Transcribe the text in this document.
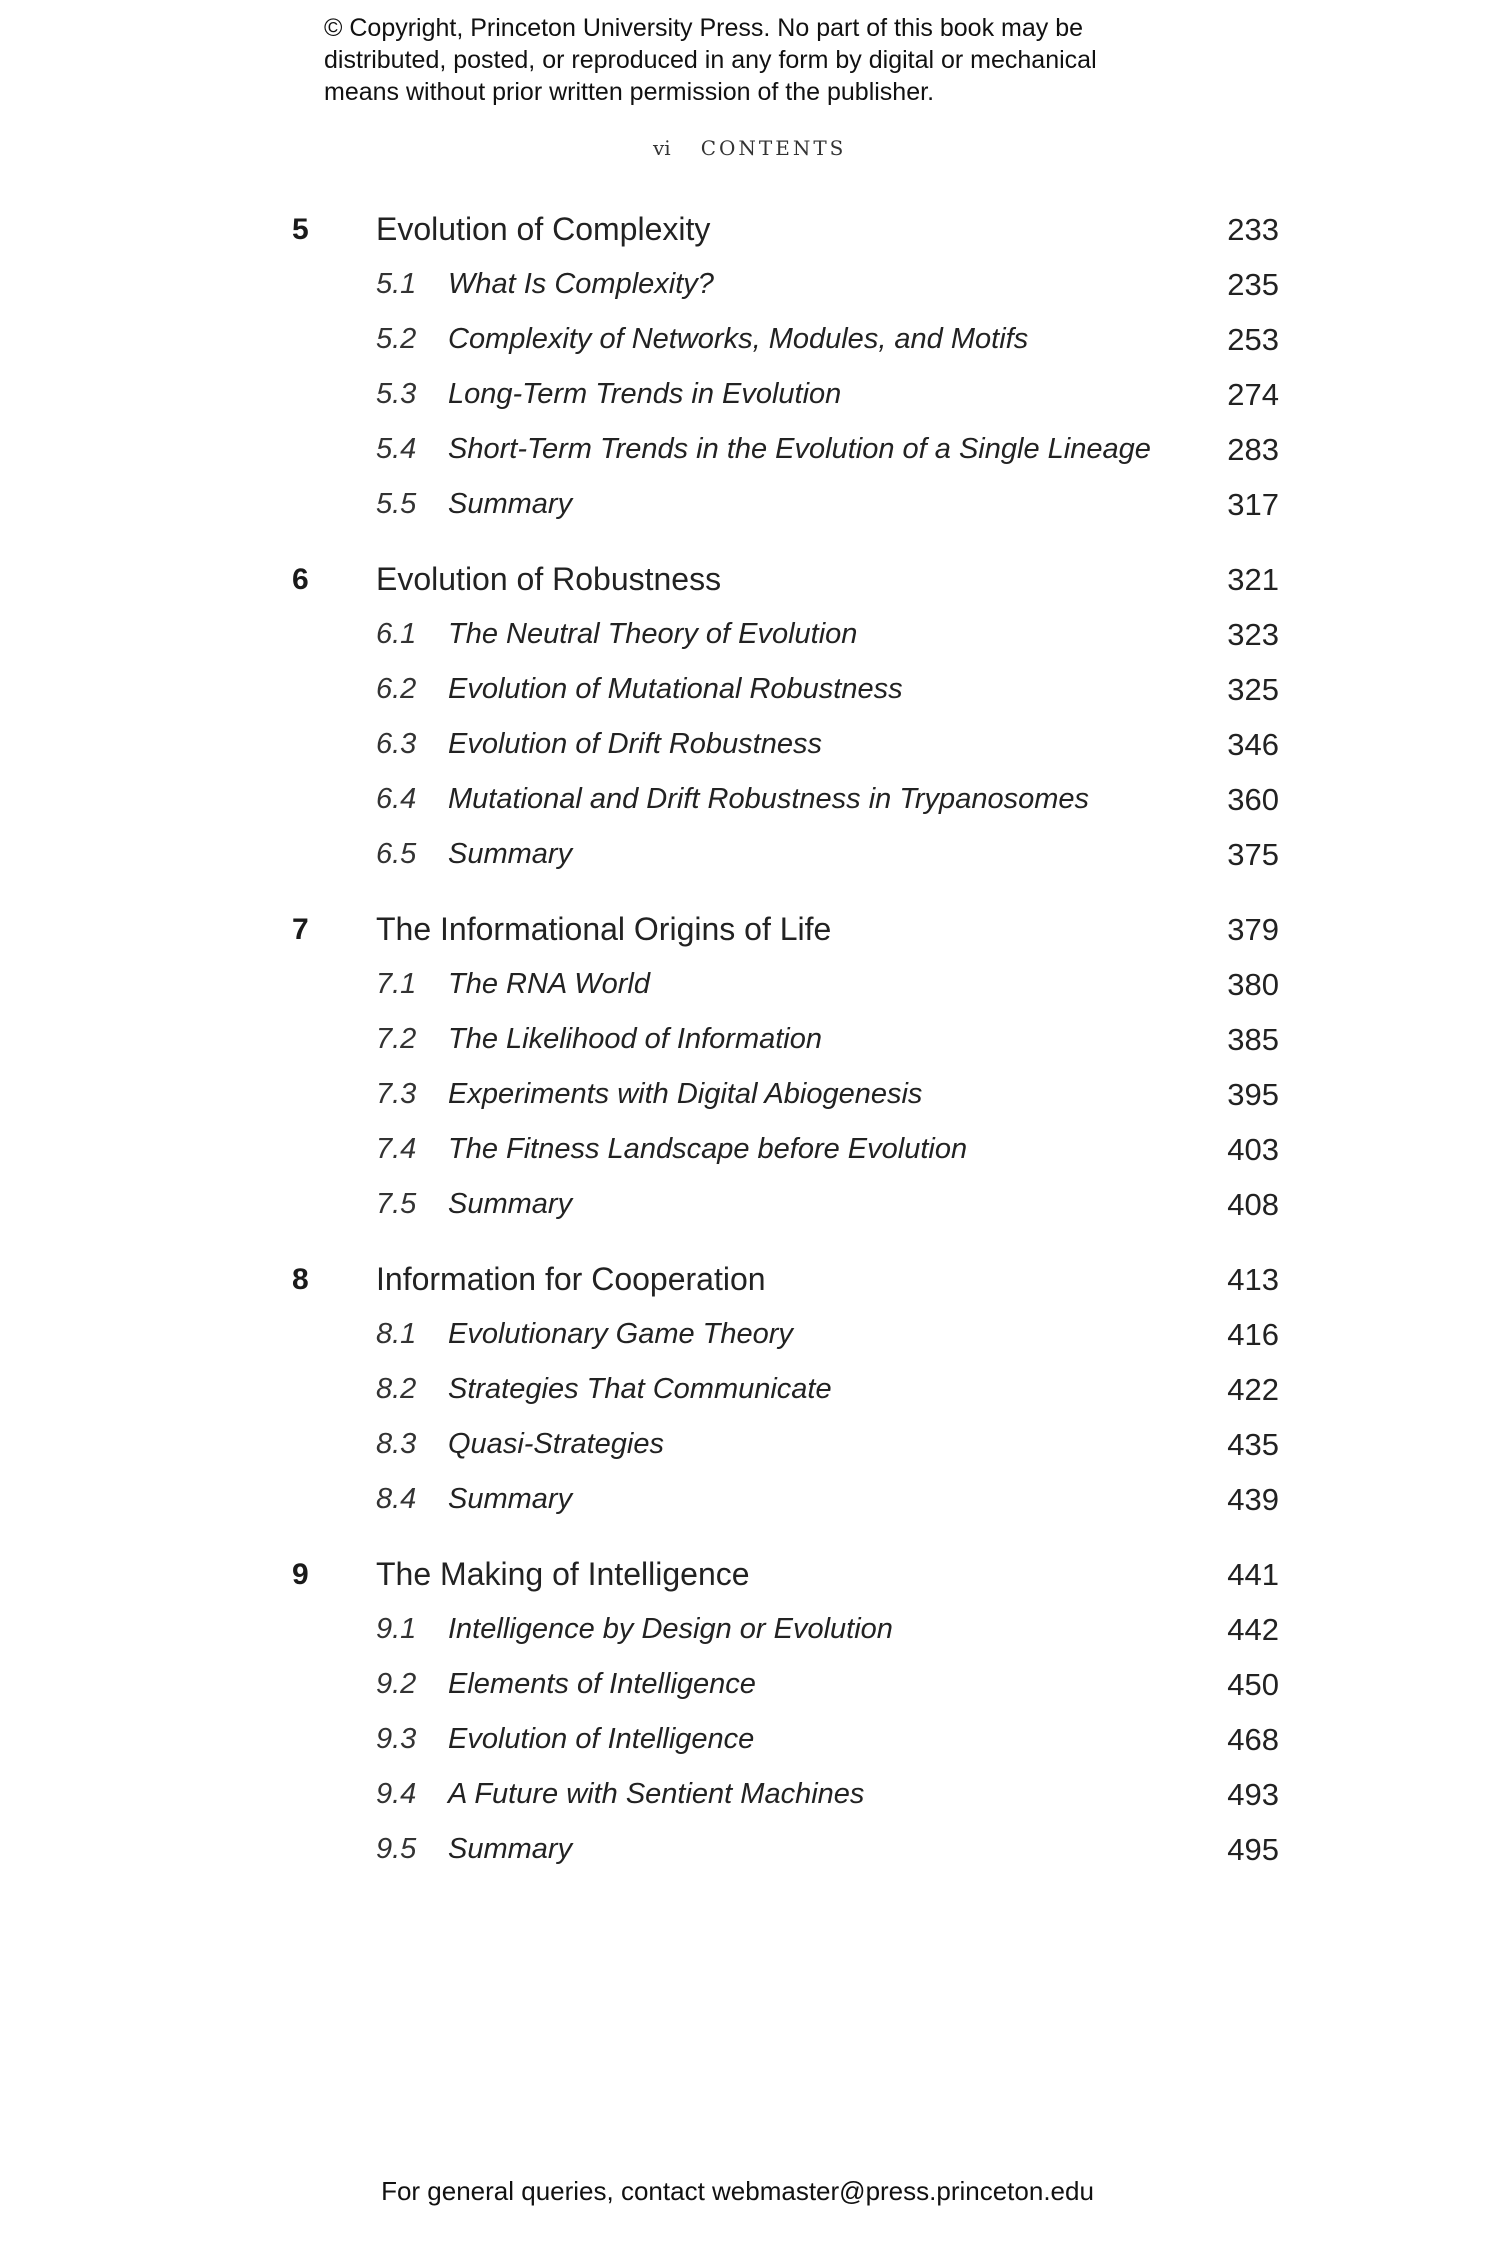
© Copyright, Princeton University Press. No part of this book may be
distributed, posted, or reproduced in any form by digital or mechanical
means without prior written permission of the publisher.
vi CONTENTS
5 Evolution of Complexity	233
5.1 What Is Complexity?	235
5.2 Complexity of Networks, Modules, and Motifs	253
5.3 Long-Term Trends in Evolution	274
5.4 Short-Term Trends in the Evolution of a Single Lineage 283
5.5 Summary	317
6 Evolution of Robustness	321
6.1 The Neutral Theory of Evolution	323
6.2 Evolution of Mutational Robustness	325
6.3 Evolution of Drift Robustness	346
6.4 Mutational and Drift Robustness in Trypanosomes	360
6.5 Summary	375
7 The Informational Origins of Life	379
7.1 The RNA World	380
7.2 The Likelihood of Information	385
7.3 Experiments with Digital Abiogenesis	395
7.4 The Fitness Landscape before Evolution	403
7.5 Summary	408
8 Information for Cooperation	413
8.1 Evolutionary Game Theory	416
8.2 Strategies That Communicate	422
8.3 Quasi-Strategies	435
8.4 Summary	439
9 The Making of Intelligence	441
9.1 Intelligence by Design or Evolution	442
9.2 Elements of Intelligence	450
9.3 Evolution of Intelligence	468
9.4 A Future with Sentient Machines	493
9.5 Summary	495
For general queries, contact webmaster@press.princeton.edu
